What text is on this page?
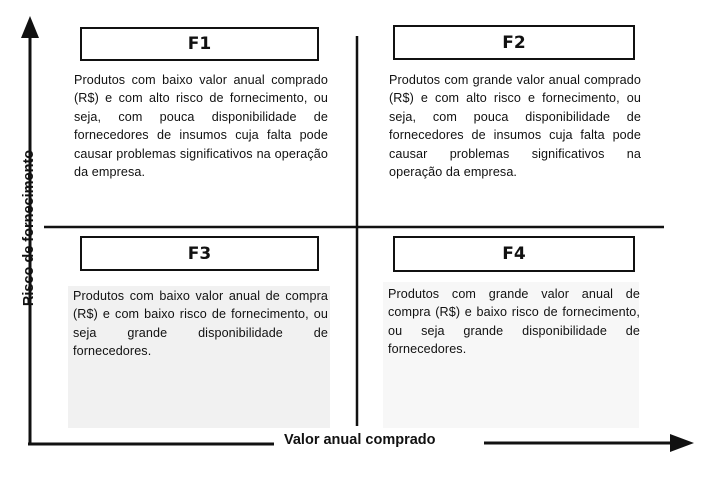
Risco de fornecimento
Valor anual comprado
F1
Produtos com baixo valor anual comprado (R$) e com alto risco de fornecimento, ou seja, com pouca disponibilidade de fornecedores de insumos cuja falta pode causar problemas significativos na operação da empresa.
F2
Produtos com grande valor anual comprado (R$) e com alto risco e fornecimento, ou seja, com pouca disponibilidade de fornecedores de insumos cuja falta pode causar problemas significativos na operação da empresa.
F3
Produtos com baixo valor anual de compra (R$) e com baixo risco de fornecimento, ou seja grande disponibilidade de fornecedores.
F4
Produtos com grande valor anual de compra (R$) e baixo risco de fornecimento, ou seja grande disponibilidade de fornecedores.
